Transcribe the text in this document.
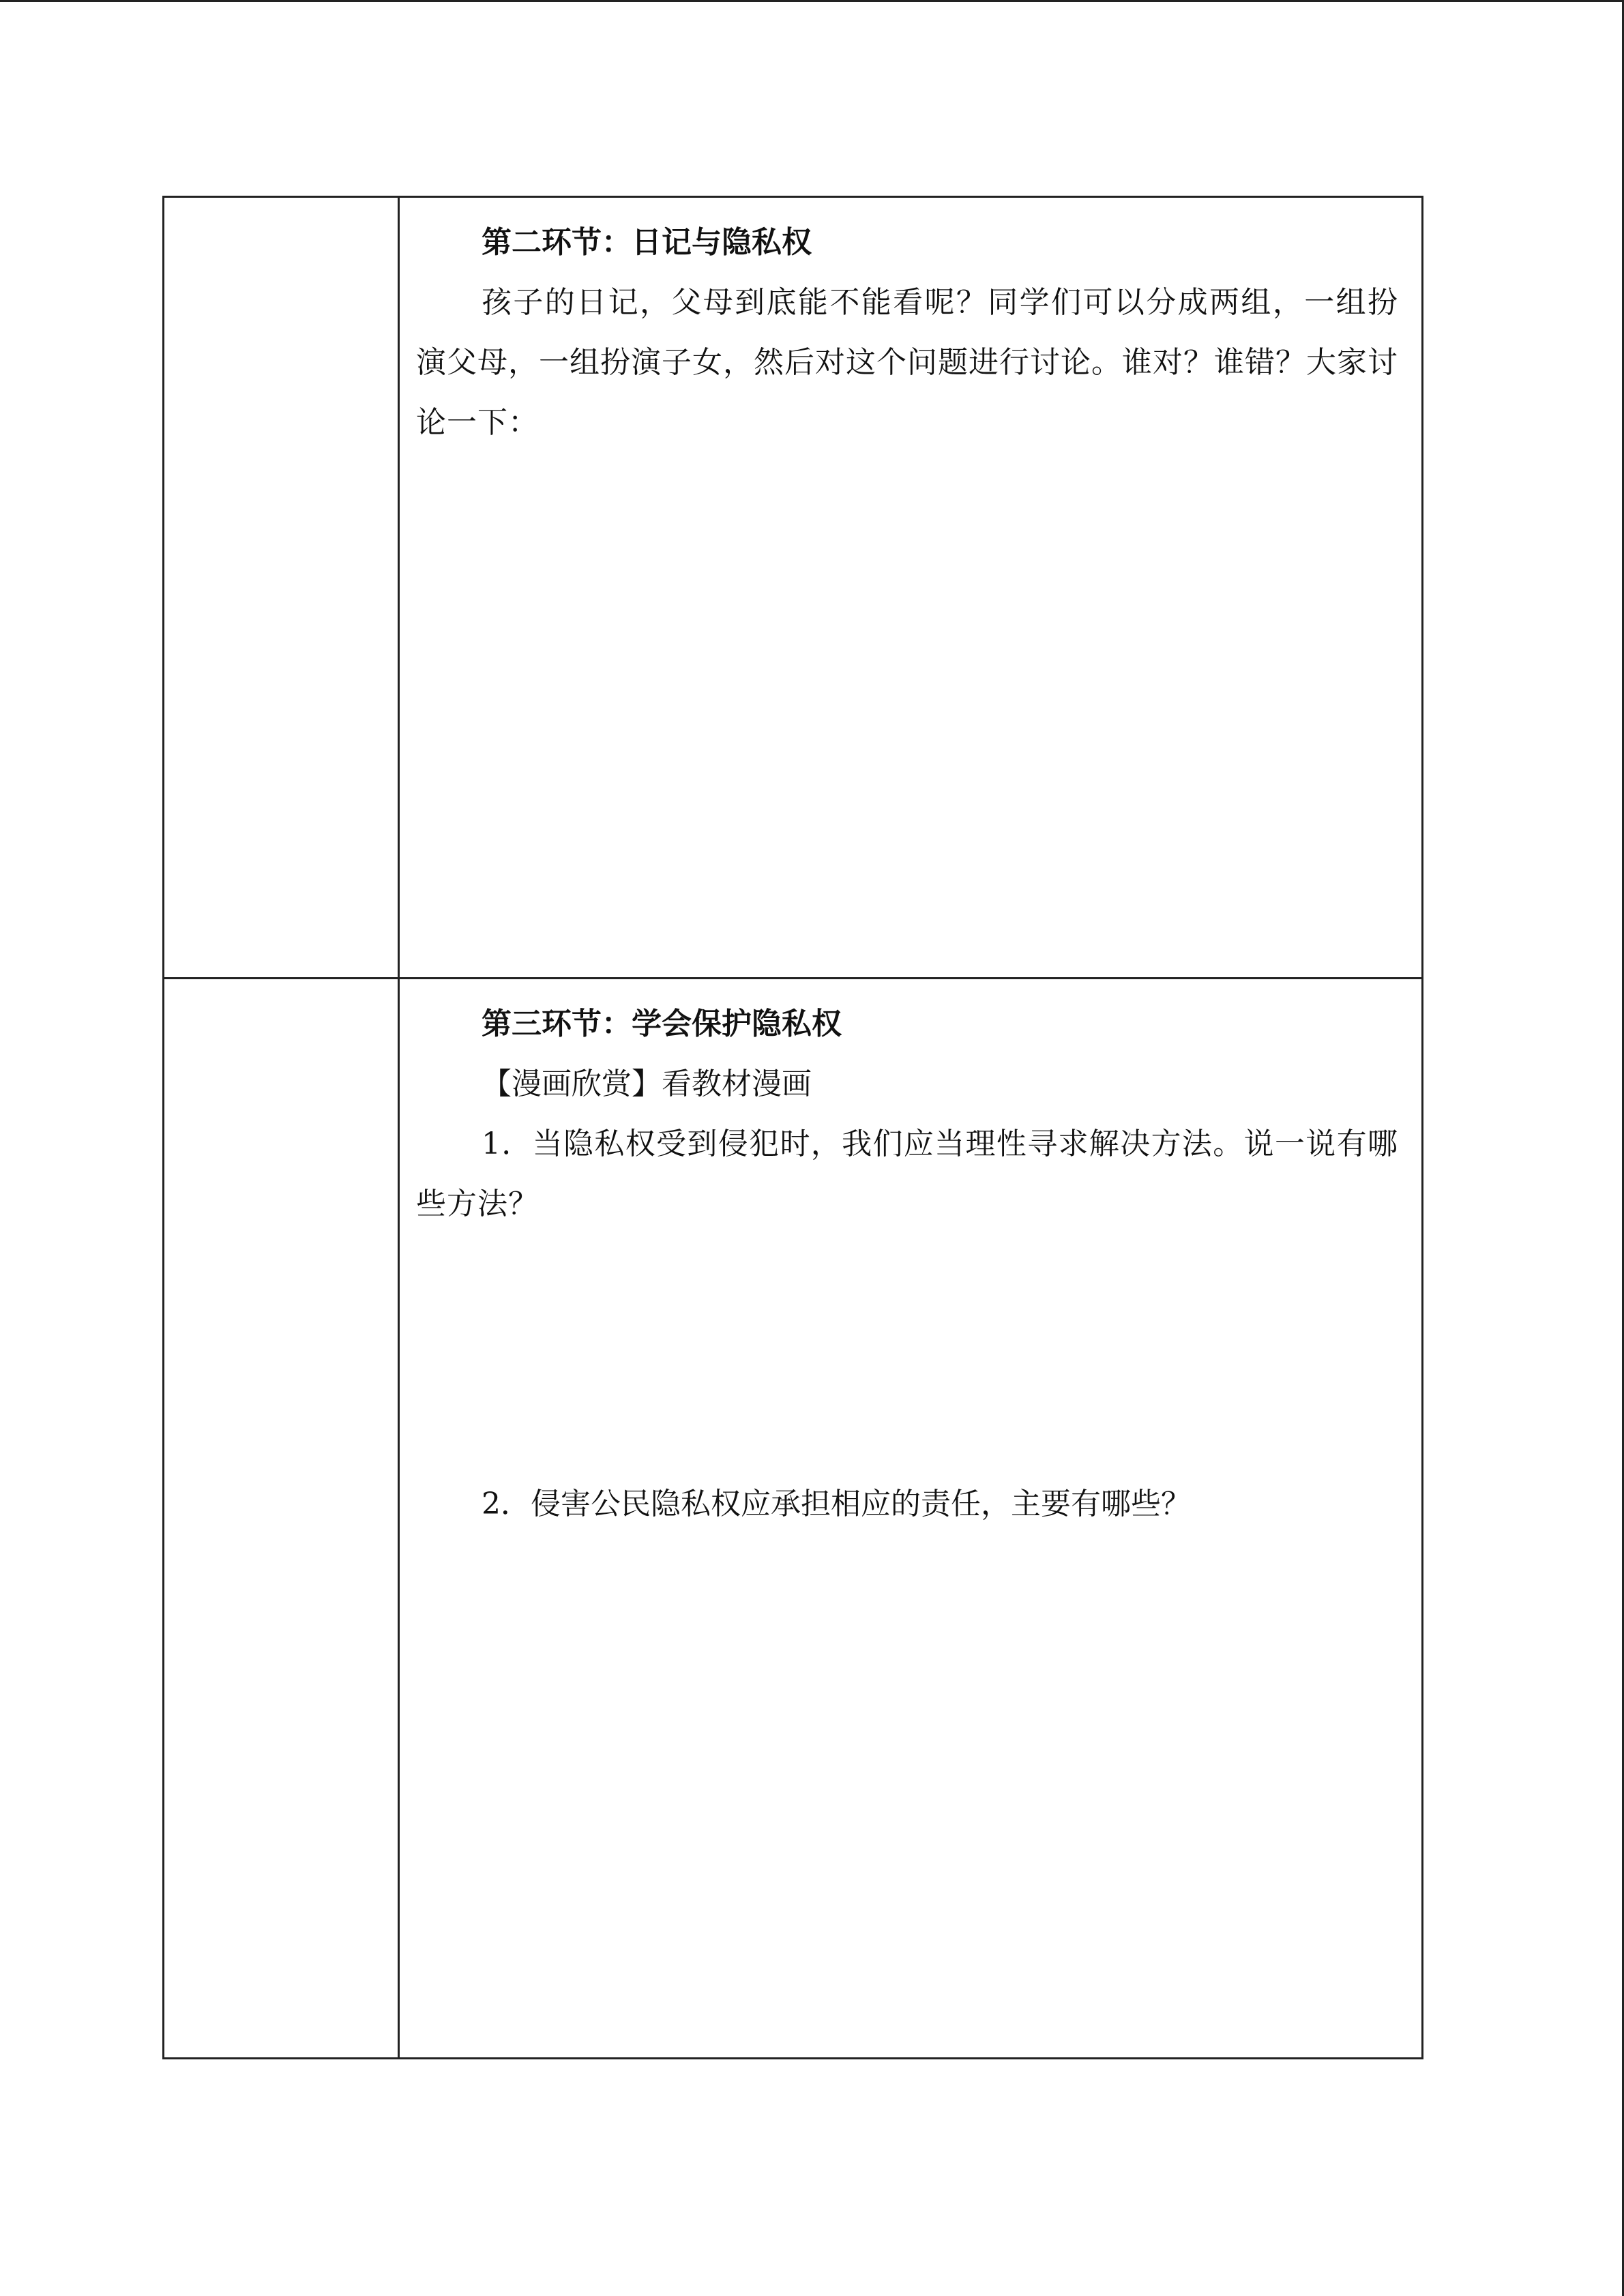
第二环节：日记与隐私权

孩子的日记，父母到底能不能看呢？同学们可以分成两组，一组扮演父母，一组扮演子女，然后对这个问题进行讨论。谁对？谁错？大家讨论一下：

第三环节：学会保护隐私权

【漫画欣赏】看教材漫画

1．当隐私权受到侵犯时，我们应当理性寻求解决方法。说一说有哪些方法？

2．侵害公民隐私权应承担相应的责任，主要有哪些？
